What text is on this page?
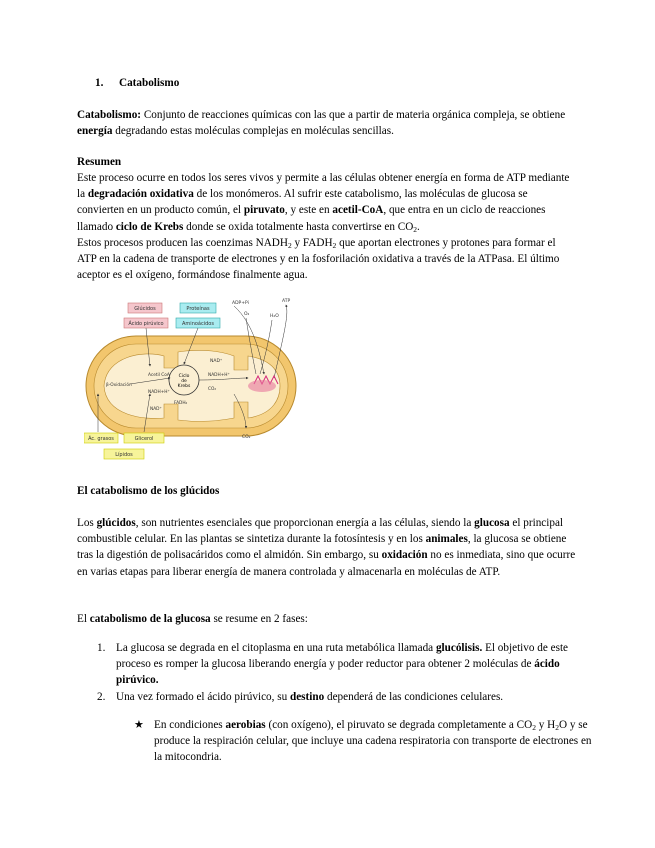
1. Catabolismo

Catabolismo: Conjunto de reacciones químicas con las que a partir de materia orgánica compleja, se obtiene energía degradando estas moléculas complejas en moléculas sencillas.

Resumen

Este proceso ocurre en todos los seres vivos y permite a las células obtener energía en forma de ATP mediante la degradación oxidativa de los monómeros. Al sufrir este catabolismo, las moléculas de glucosa se convierten en un producto común, el piruvato, y este en acetil-CoA, que entra en un ciclo de reacciones llamado ciclo de Krebs donde se oxida totalmente hasta convertirse en $CO_2$.

Estos procesos producen las coenzimas $NADH_2$ y $FADH_2$ que aportan electrones y protones para formar el ATP en la cadena de transporte de electrones y en la fosforilación oxidativa a través de la ATPasa. El último aceptor es el oxígeno, formándose finalmente agua.

Ciclo de Krebs
Glúcidos
Ácido pirúvico
Proteínas
Aminoácidos
ADP+Pi	ATP
O₂	H₂O
NAD⁺
Acetil CoA	NADH+H⁺
CO₂
β-Oxidación
NADH+H⁺
FADH₂
NAD⁺
CO₂
Ác. grasos	Glicerol
Lípidos

El catabolismo de los glúcidos

Los glúcidos, son nutrientes esenciales que proporcionan energía a las células, siendo la glucosa el principal combustible celular. En las plantas se sintetiza durante la fotosíntesis y en los animales, la glucosa se obtiene tras la digestión de polisacáridos como el almidón. Sin embargo, su oxidación no es inmediata, sino que ocurre en varias etapas para liberar energía de manera controlada y almacenarla en moléculas de ATP.

El catabolismo de la glucosa se resume en 2 fases:

1. La glucosa se degrada en el citoplasma en una ruta metabólica llamada glucólisis. El objetivo de este proceso es romper la glucosa liberando energía y poder reductor para obtener 2 moléculas de ácido pirúvico.
2. Una vez formado el ácido pirúvico, su destino dependerá de las condiciones celulares.
★ En condiciones aerobias (con oxígeno), el piruvato se degrada completamente a $CO_2$ y $H_2O$ y se produce la respiración celular, que incluye una cadena respiratoria con transporte de electrones en la mitocondria.
